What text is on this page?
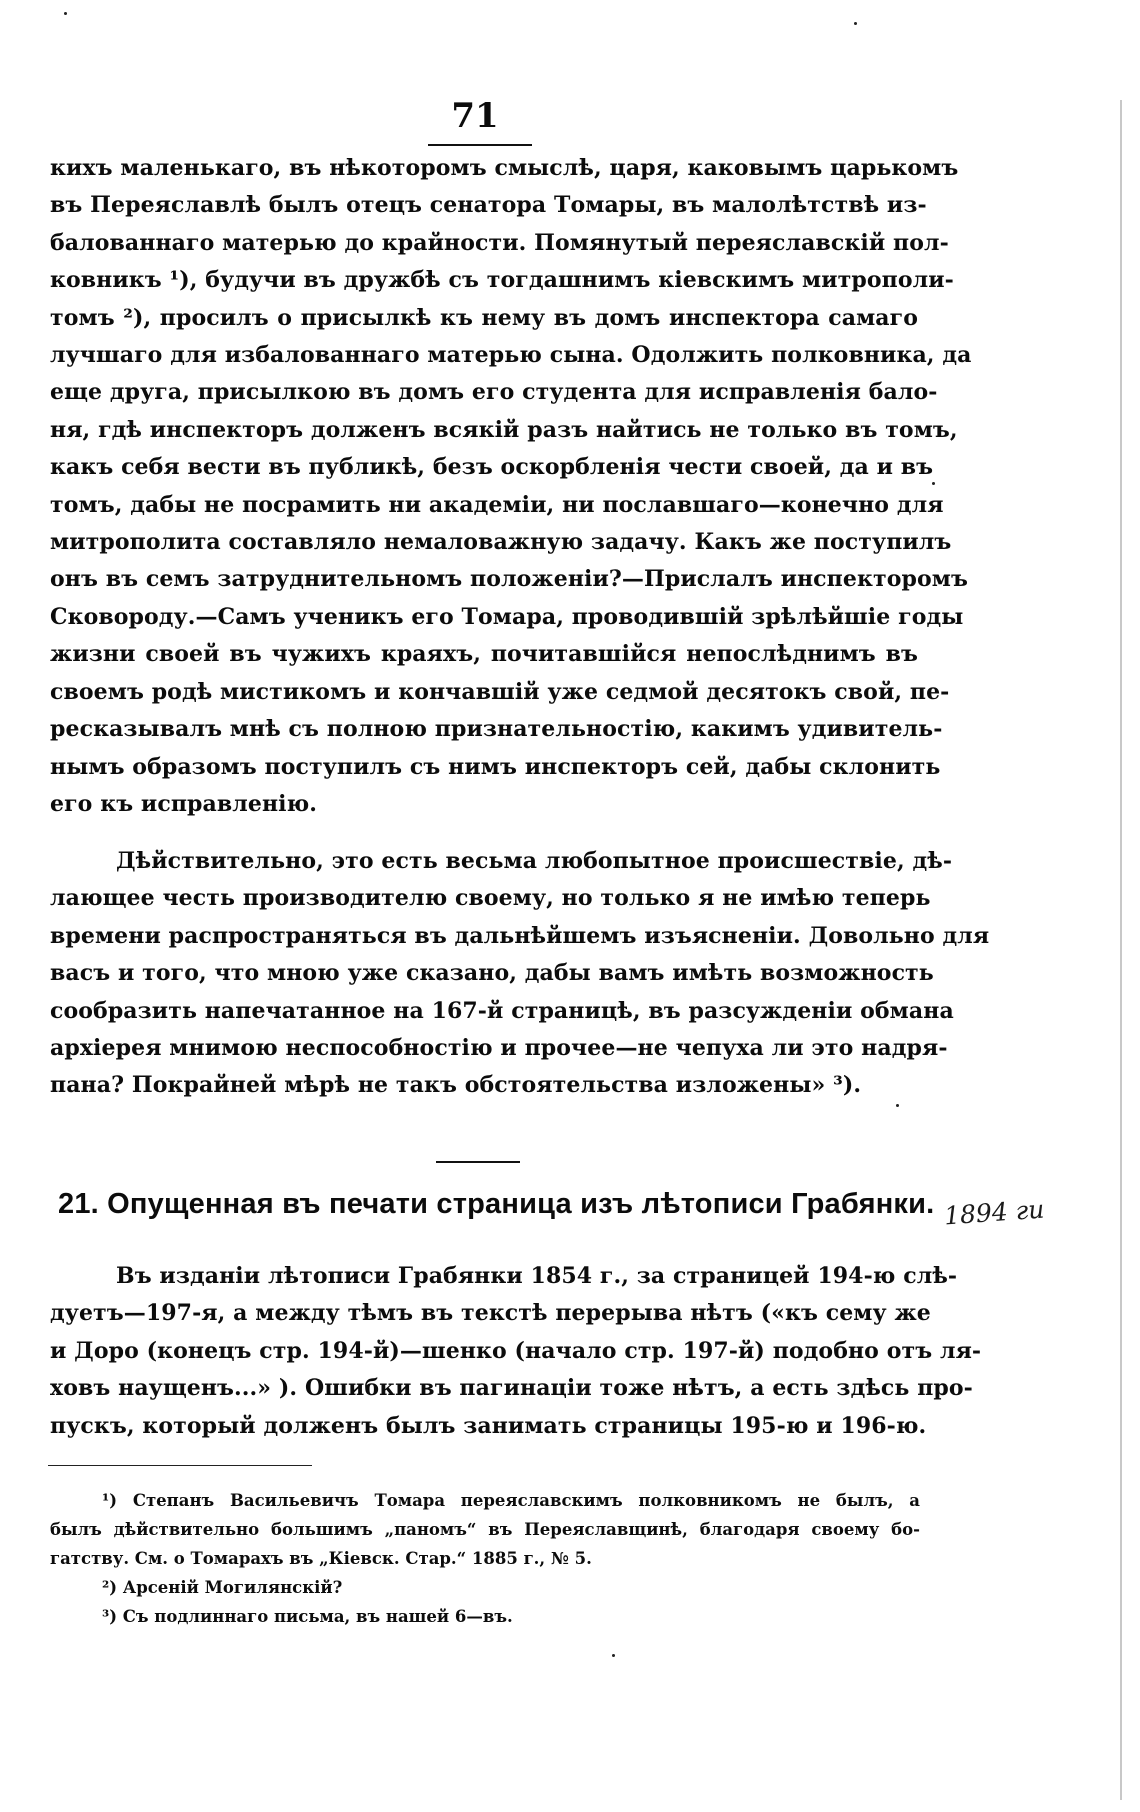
71
кихъ маленькаго, въ нѣкоторомъ смыслѣ, царя, каковымъ царькомъ
въ Переяславлѣ былъ отецъ сенатора Томары, въ малолѣтствѣ из-
балованнаго матерью до крайности. Помянутый переяславскій пол-
ковникъ ¹), будучи въ дружбѣ съ тогдашнимъ кіевскимъ митрополи-
томъ ²), просилъ о присылкѣ къ нему въ домъ инспектора самаго
лучшаго для избалованнаго матерью сына. Одолжить полковника, да
еще друга, присылкою въ домъ его студента для исправленія бало-
ня, гдѣ инспекторъ долженъ всякій разъ найтись не только въ томъ,
какъ себя вести въ публикѣ, безъ оскорбленія чести своей, да и въ
томъ, дабы не посрамить ни академіи, ни пославшаго—конечно для
митрополита составляло немаловажную задачу. Какъ же поступилъ
онъ въ семъ затруднительномъ положеніи?—Прислалъ инспекторомъ
Сковороду.—Самъ ученикъ его Томара, проводившій зрѣлѣйшіе годы
жизни своей въ чужихъ краяхъ, почитавшійся непослѣднимъ въ
своемъ родѣ мистикомъ и кончавшій уже седмой десятокъ свой, пе-
ресказывалъ мнѣ съ полною признательностію, какимъ удивитель-
нымъ образомъ поступилъ съ нимъ инспекторъ сей, дабы склонить
его къ исправленію.
Дѣйствительно, это есть весьма любопытное происшествіе, дѣ-
лающее честь производителю своему, но только я не имѣю теперь
времени распространяться въ дальнѣйшемъ изъясненіи. Довольно для
васъ и того, что мною уже сказано, дабы вамъ имѣть возможность
сообразить напечатанное на 167-й страницѣ, въ разсужденіи обмана
архіерея мнимою неспособностію и прочее—не чепуха ли это надря-
пана? Покрайней мѣрѣ не такъ обстоятельства изложены» ³).
21. Опущенная въ печати страница изъ лѣтописи Грабянки. 1894 ги
Въ изданіи лѣтописи Грабянки 1854 г., за страницей 194-ю слѣ-
дуетъ—197-я, а между тѣмъ въ текстѣ перерыва нѣтъ («къ сему же
и Доро (конецъ стр. 194-й)—шенко (начало стр. 197-й) подобно отъ ля-
ховъ наущенъ...» ). Ошибки въ пагинаціи тоже нѣтъ, а есть здѣсь про-
пускъ, который долженъ былъ занимать страницы 195-ю и 196-ю.
¹) Степанъ Васильевичъ Томара переяславскимъ полковникомъ не былъ, а
былъ дѣйствительно большимъ „паномъ“ въ Переяславщинѣ, благодаря своему бо-
гатству. См. о Томарахъ въ „Кіевск. Стар.“ 1885 г., № 5.
²) Арсеній Могилянскій?
³) Съ подлиннаго письма, въ нашей 6—въ.
